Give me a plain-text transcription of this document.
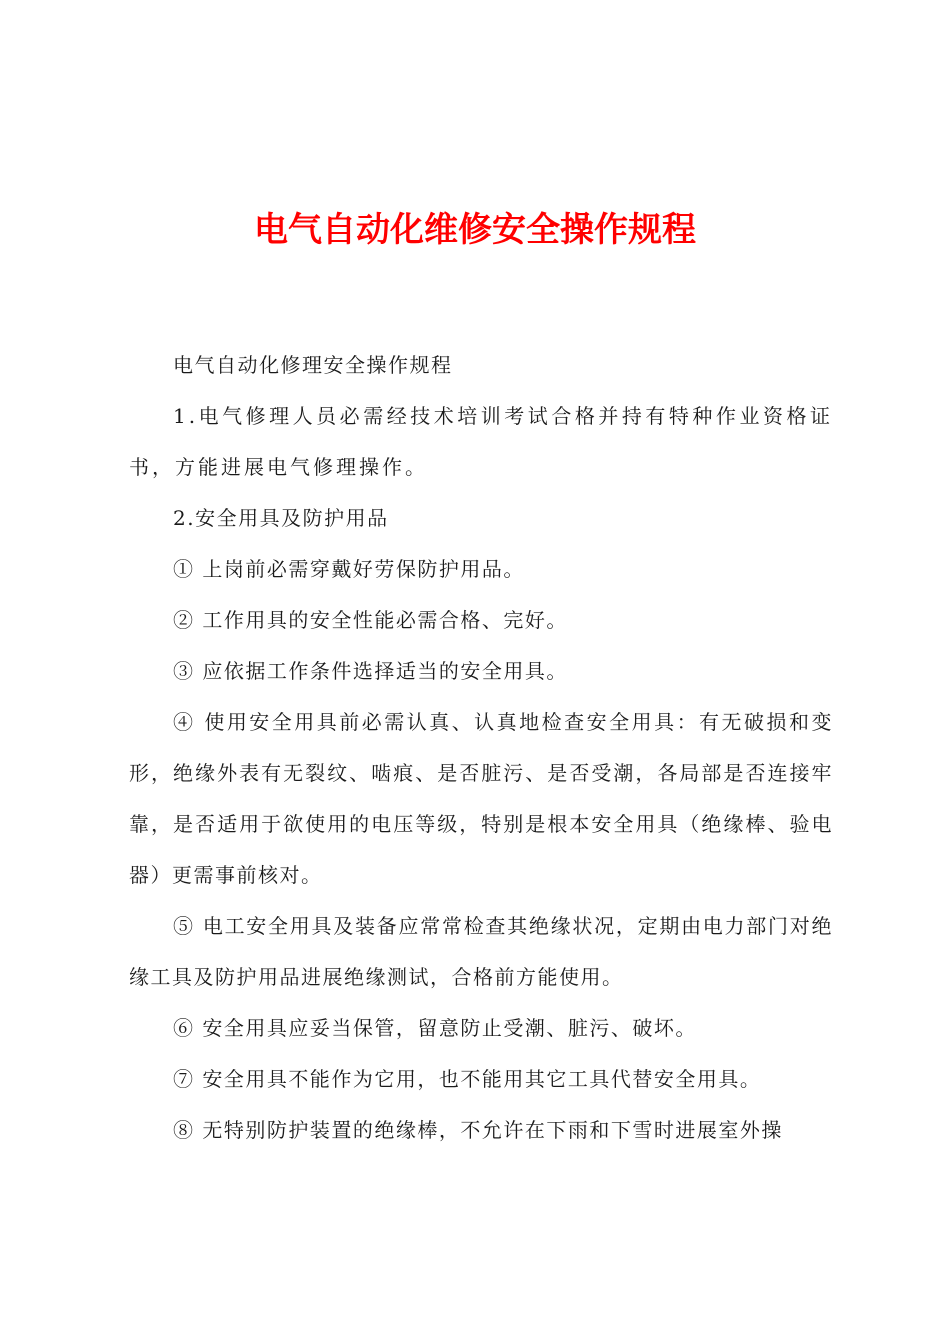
电气自动化维修安全操作规程

电气自动化修理安全操作规程

1.电气修理人员必需经技术培训考试合格并持有特种作业资格证书，方能进展电气修理操作。

2.安全用具及防护用品

① 上岗前必需穿戴好劳保防护用品。

② 工作用具的安全性能必需合格、完好。

③ 应依据工作条件选择适当的安全用具。

④ 使用安全用具前必需认真、认真地检查安全用具：有无破损和变形，绝缘外表有无裂纹、啮痕、是否脏污、是否受潮，各局部是否连接牢靠，是否适用于欲使用的电压等级，特别是根本安全用具（绝缘棒、验电器）更需事前核对。

⑤ 电工安全用具及装备应常常检查其绝缘状况，定期由电力部门对绝缘工具及防护用品进展绝缘测试，合格前方能使用。

⑥ 安全用具应妥当保管，留意防止受潮、脏污、破坏。

⑦ 安全用具不能作为它用，也不能用其它工具代替安全用具。

⑧ 无特别防护装置的绝缘棒，不允许在下雨和下雪时进展室外操
